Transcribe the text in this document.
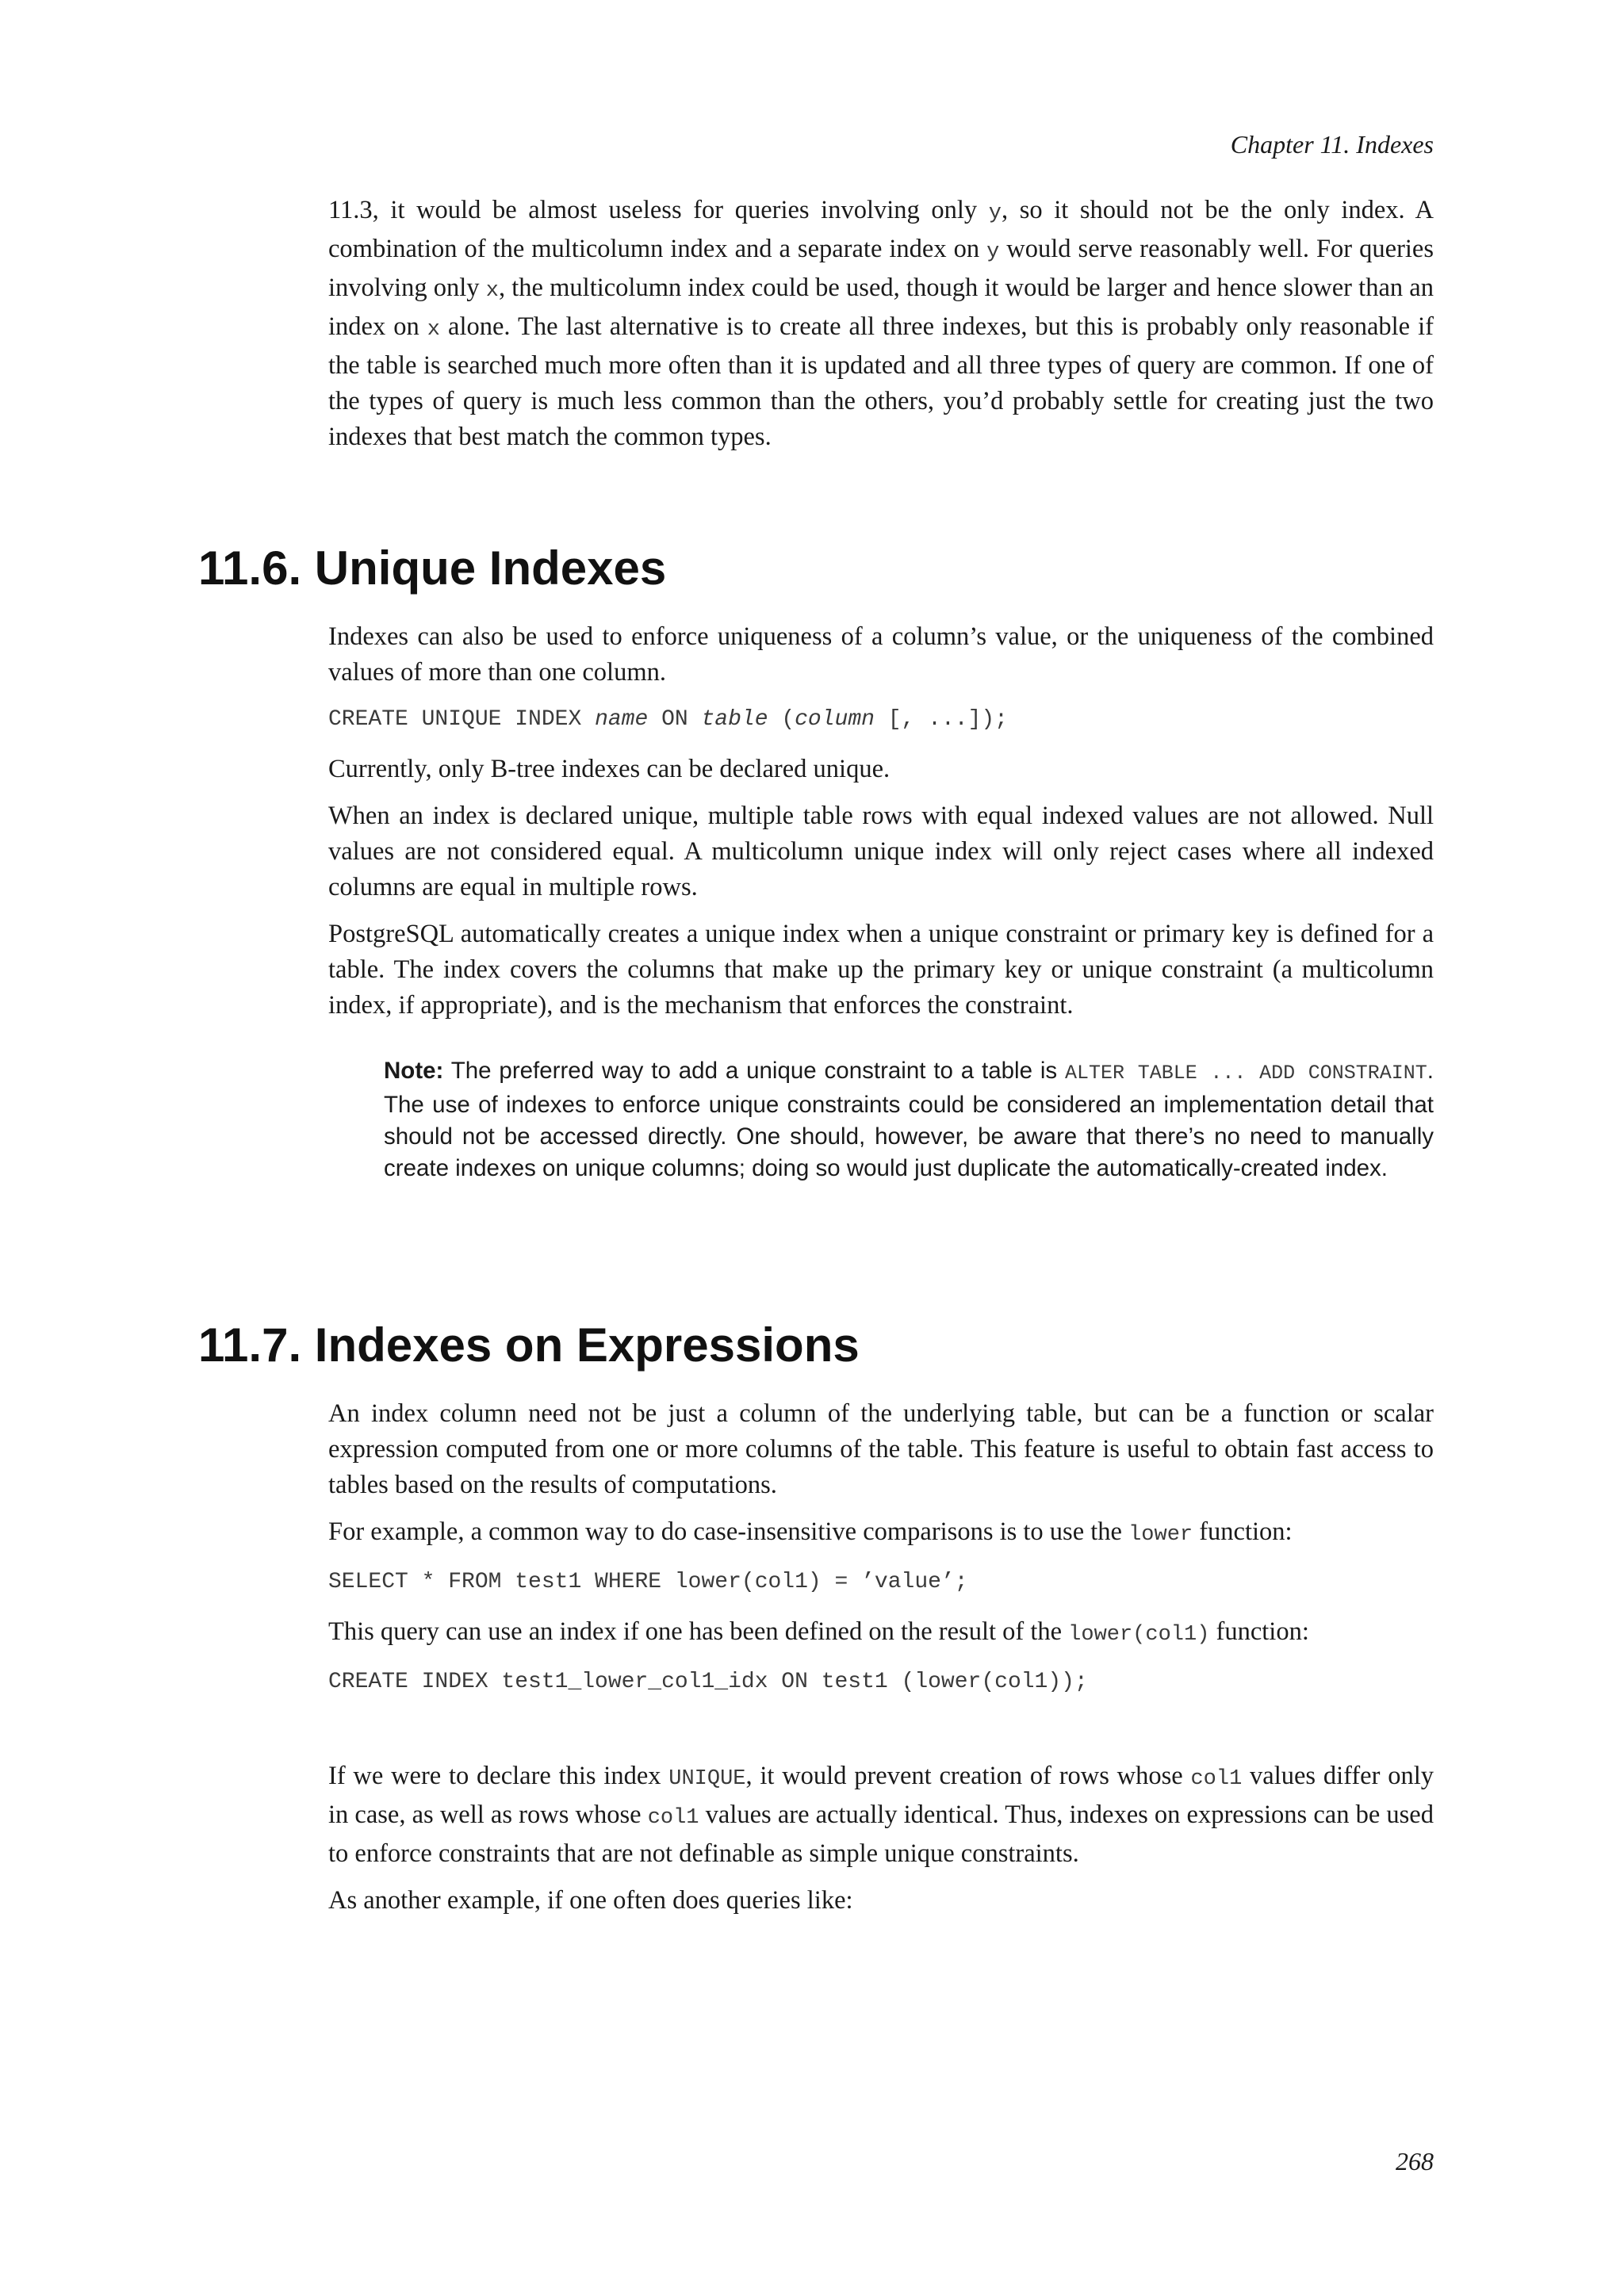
Chapter 11. Indexes

11.3, it would be almost useless for queries involving only y, so it should not be the only index. A combination of the multicolumn index and a separate index on y would serve reasonably well. For queries involving only x, the multicolumn index could be used, though it would be larger and hence slower than an index on x alone. The last alternative is to create all three indexes, but this is probably only reasonable if the table is searched much more often than it is updated and all three types of query are common. If one of the types of query is much less common than the others, you’d probably settle for creating just the two indexes that best match the common types.

11.6. Unique Indexes

Indexes can also be used to enforce uniqueness of a column’s value, or the uniqueness of the combined values of more than one column.

CREATE UNIQUE INDEX name ON table (column [, ...]);

Currently, only B-tree indexes can be declared unique.

When an index is declared unique, multiple table rows with equal indexed values are not allowed. Null values are not considered equal. A multicolumn unique index will only reject cases where all indexed columns are equal in multiple rows.

PostgreSQL automatically creates a unique index when a unique constraint or primary key is defined for a table. The index covers the columns that make up the primary key or unique constraint (a multicolumn index, if appropriate), and is the mechanism that enforces the constraint.

Note: The preferred way to add a unique constraint to a table is ALTER TABLE ... ADD CONSTRAINT. The use of indexes to enforce unique constraints could be considered an implementation detail that should not be accessed directly. One should, however, be aware that there’s no need to manually create indexes on unique columns; doing so would just duplicate the automatically-created index.
11.7. Indexes on Expressions

An index column need not be just a column of the underlying table, but can be a function or scalar expression computed from one or more columns of the table. This feature is useful to obtain fast access to tables based on the results of computations.

For example, a common way to do case-insensitive comparisons is to use the lower function:

SELECT * FROM test1 WHERE lower(col1) = ’value’;

This query can use an index if one has been defined on the result of the lower(col1) function:

CREATE INDEX test1_lower_col1_idx ON test1 (lower(col1));

If we were to declare this index UNIQUE, it would prevent creation of rows whose col1 values differ only in case, as well as rows whose col1 values are actually identical. Thus, indexes on expressions can be used to enforce constraints that are not definable as simple unique constraints.

As another example, if one often does queries like:

268
